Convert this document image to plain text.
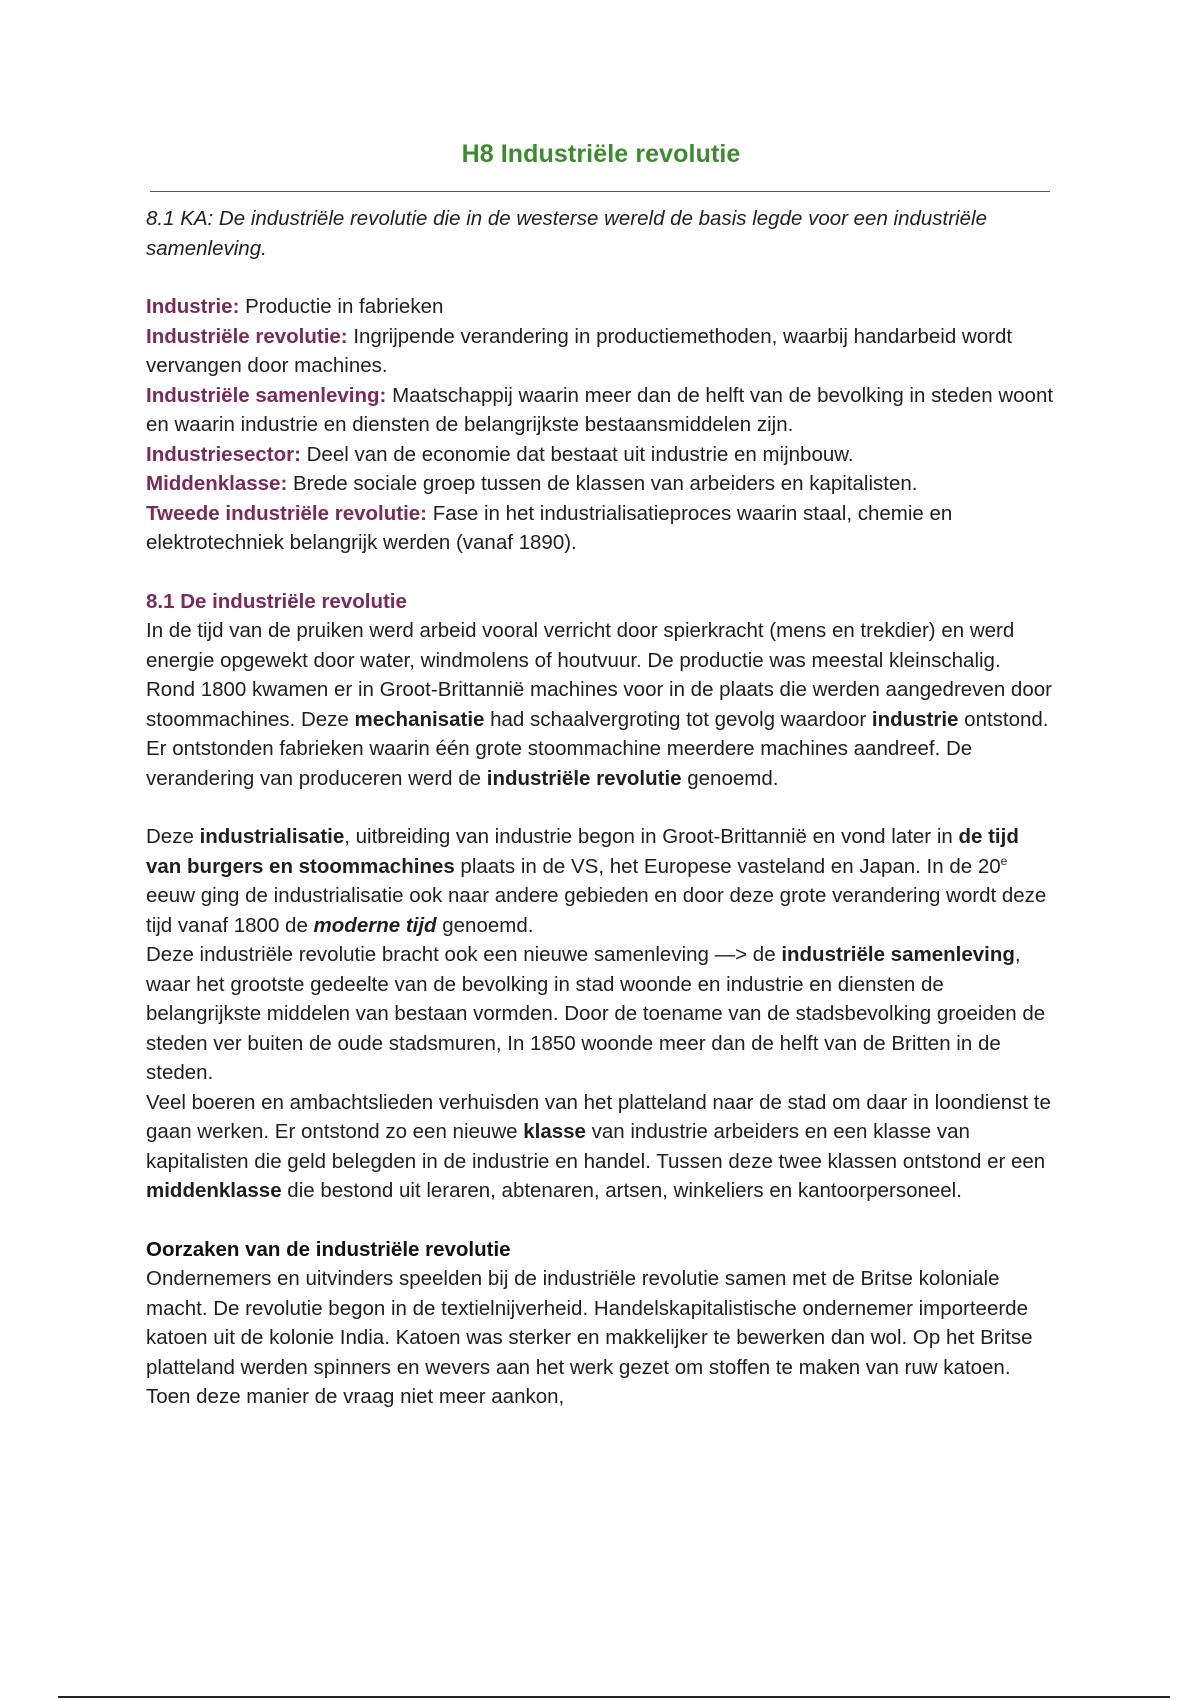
H8 Industriële revolutie

8.1 KA: De industriële revolutie die in de westerse wereld de basis legde voor een industriële samenleving.

Industrie: Productie in fabrieken

Industriële revolutie: Ingrijpende verandering in productiemethoden, waarbij handarbeid wordt vervangen door machines.

Industriële samenleving: Maatschappij waarin meer dan de helft van de bevolking in steden woont en waarin industrie en diensten de belangrijkste bestaansmiddelen zijn.

Industriesector: Deel van de economie dat bestaat uit industrie en mijnbouw.

Middenklasse: Brede sociale groep tussen de klassen van arbeiders en kapitalisten.

Tweede industriële revolutie: Fase in het industrialisatieproces waarin staal, chemie en elektrotechniek belangrijk werden (vanaf 1890).

8.1 De industriële revolutie

In de tijd van de pruiken werd arbeid vooral verricht door spierkracht (mens en trekdier) en werd energie opgewekt door water, windmolens of houtvuur. De productie was meestal kleinschalig.

Rond 1800 kwamen er in Groot-Brittannië machines voor in de plaats die werden aangedreven door stoommachines. Deze mechanisatie had schaalvergroting tot gevolg waardoor industrie ontstond. Er ontstonden fabrieken waarin één grote stoommachine meerdere machines aandreef. De verandering van produceren werd de industriële revolutie genoemd.

Deze industrialisatie, uitbreiding van industrie begon in Groot-Brittannië en vond later in de tijd van burgers en stoommachines plaats in de VS, het Europese vasteland en Japan. In de 20e eeuw ging de industrialisatie ook naar andere gebieden en door deze grote verandering wordt deze tijd vanaf 1800 de moderne tijd genoemd.

Deze industriële revolutie bracht ook een nieuwe samenleving —> de industriële samenleving, waar het grootste gedeelte van de bevolking in stad woonde en industrie en diensten de belangrijkste middelen van bestaan vormden. Door de toename van de stadsbevolking groeiden de steden ver buiten de oude stadsmuren, In 1850 woonde meer dan de helft van de Britten in de steden.

Veel boeren en ambachtslieden verhuisden van het platteland naar de stad om daar in loondienst te gaan werken. Er ontstond zo een nieuwe klasse van industrie arbeiders en een klasse van kapitalisten die geld belegden in de industrie en handel. Tussen deze twee klassen ontstond er een middenklasse die bestond uit leraren, abtenaren, artsen, winkeliers en kantoorpersoneel.

Oorzaken van de industriële revolutie

Ondernemers en uitvinders speelden bij de industriële revolutie samen met de Britse koloniale macht. De revolutie begon in de textielnijverheid. Handelskapitalistische ondernemer importeerde katoen uit de kolonie India. Katoen was sterker en makkelijker te bewerken dan wol. Op het Britse platteland werden spinners en wevers aan het werk gezet om stoffen te maken van ruw katoen. Toen deze manier de vraag niet meer aankon,
